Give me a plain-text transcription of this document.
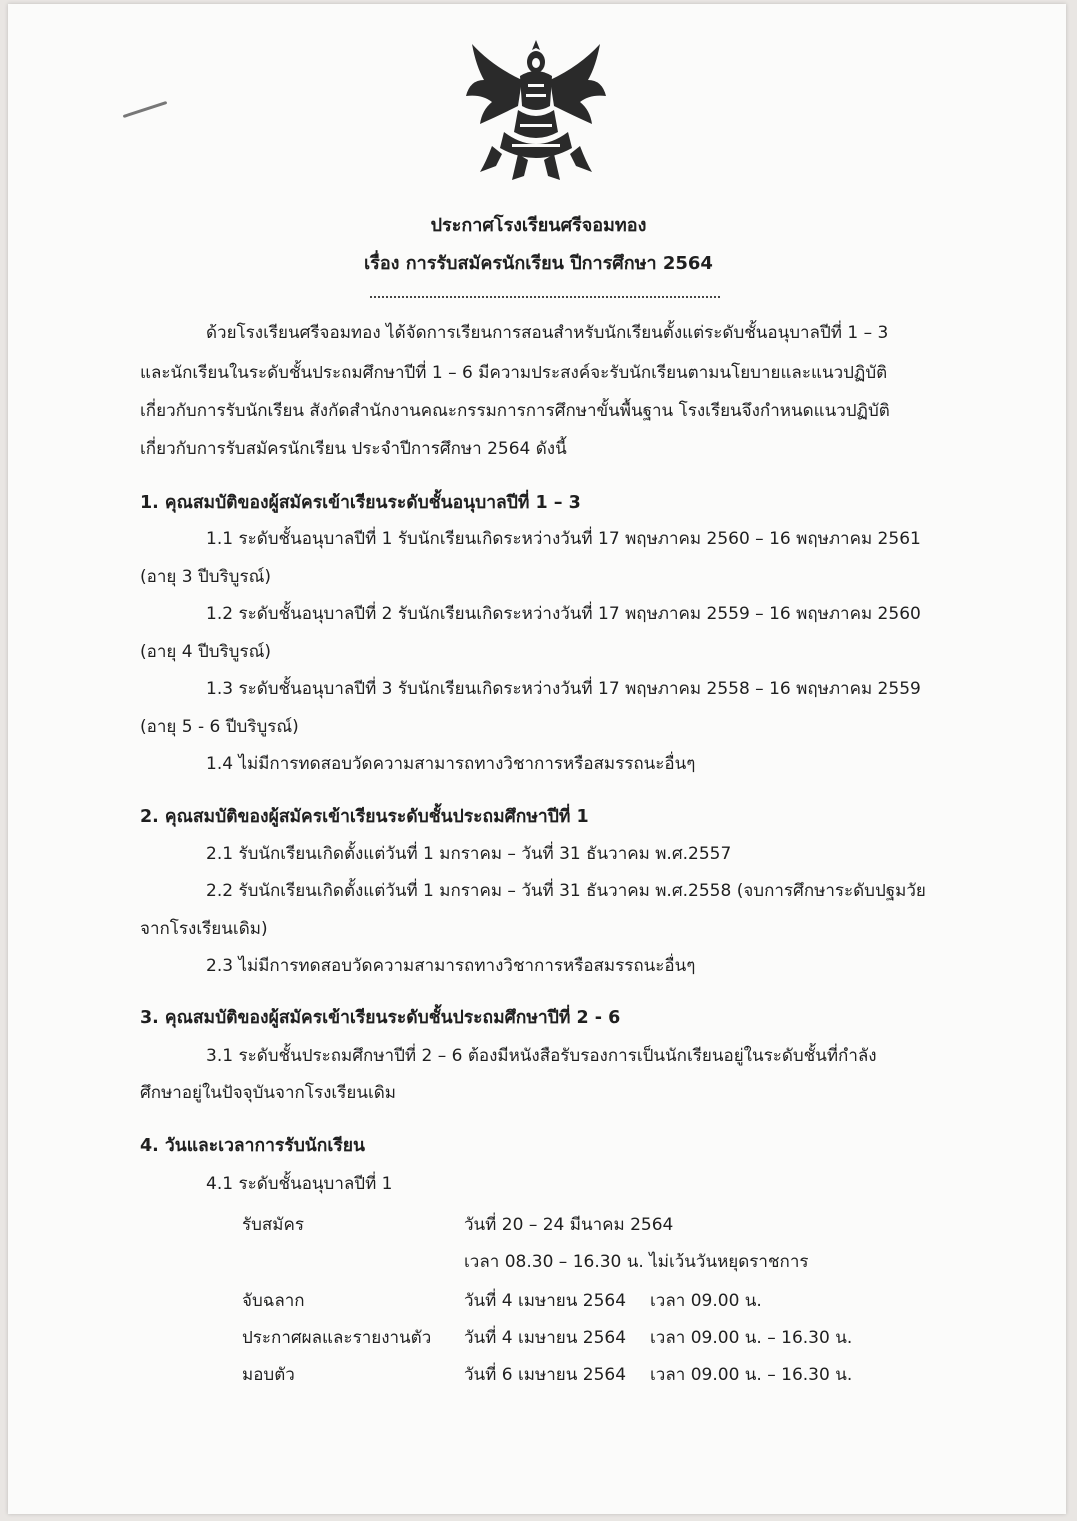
ประกาศโรงเรียนศรีจอมทอง
เรื่อง การรับสมัครนักเรียน ปีการศึกษา 2564
ด้วยโรงเรียนศรีจอมทอง ได้จัดการเรียนการสอนสำหรับนักเรียนตั้งแต่ระดับชั้นอนุบาลปีที่ 1 – 3
และนักเรียนในระดับชั้นประถมศึกษาปีที่ 1 – 6 มีความประสงค์จะรับนักเรียนตามนโยบายและแนวปฏิบัติ
เกี่ยวกับการรับนักเรียน สังกัดสำนักงานคณะกรรมการการศึกษาขั้นพื้นฐาน โรงเรียนจึงกำหนดแนวปฏิบัติ
เกี่ยวกับการรับสมัครนักเรียน ประจำปีการศึกษา 2564 ดังนี้
1. คุณสมบัติของผู้สมัครเข้าเรียนระดับชั้นอนุบาลปีที่ 1 – 3
1.1 ระดับชั้นอนุบาลปีที่ 1 รับนักเรียนเกิดระหว่างวันที่ 17 พฤษภาคม 2560 – 16 พฤษภาคม 2561
(อายุ 3 ปีบริบูรณ์)
1.2 ระดับชั้นอนุบาลปีที่ 2 รับนักเรียนเกิดระหว่างวันที่ 17 พฤษภาคม 2559 – 16 พฤษภาคม 2560
(อายุ 4 ปีบริบูรณ์)
1.3 ระดับชั้นอนุบาลปีที่ 3 รับนักเรียนเกิดระหว่างวันที่ 17 พฤษภาคม 2558 – 16 พฤษภาคม 2559
(อายุ 5 - 6 ปีบริบูรณ์)
1.4 ไม่มีการทดสอบวัดความสามารถทางวิชาการหรือสมรรถนะอื่นๆ
2. คุณสมบัติของผู้สมัครเข้าเรียนระดับชั้นประถมศึกษาปีที่ 1
2.1 รับนักเรียนเกิดตั้งแต่วันที่ 1 มกราคม – วันที่ 31 ธันวาคม พ.ศ.2557
2.2 รับนักเรียนเกิดตั้งแต่วันที่ 1 มกราคม – วันที่ 31 ธันวาคม พ.ศ.2558 (จบการศึกษาระดับปฐมวัย
จากโรงเรียนเดิม)
2.3 ไม่มีการทดสอบวัดความสามารถทางวิชาการหรือสมรรถนะอื่นๆ
3. คุณสมบัติของผู้สมัครเข้าเรียนระดับชั้นประถมศึกษาปีที่ 2 - 6
3.1 ระดับชั้นประถมศึกษาปีที่ 2 – 6 ต้องมีหนังสือรับรองการเป็นนักเรียนอยู่ในระดับชั้นที่กำลัง
ศึกษาอยู่ในปัจจุบันจากโรงเรียนเดิม
4. วันและเวลาการรับนักเรียน
4.1 ระดับชั้นอนุบาลปีที่ 1
รับสมัคร	วันที่ 20 – 24 มีนาคม 2564
เวลา 08.30 – 16.30 น. ไม่เว้นวันหยุดราชการ
จับฉลาก	วันที่ 4 เมษายน 2564 เวลา 09.00 น.
ประกาศผลและรายงานตัว วันที่ 4 เมษายน 2564 เวลา 09.00 น. – 16.30 น.
มอบตัว	วันที่ 6 เมษายน 2564 เวลา 09.00 น. – 16.30 น.
